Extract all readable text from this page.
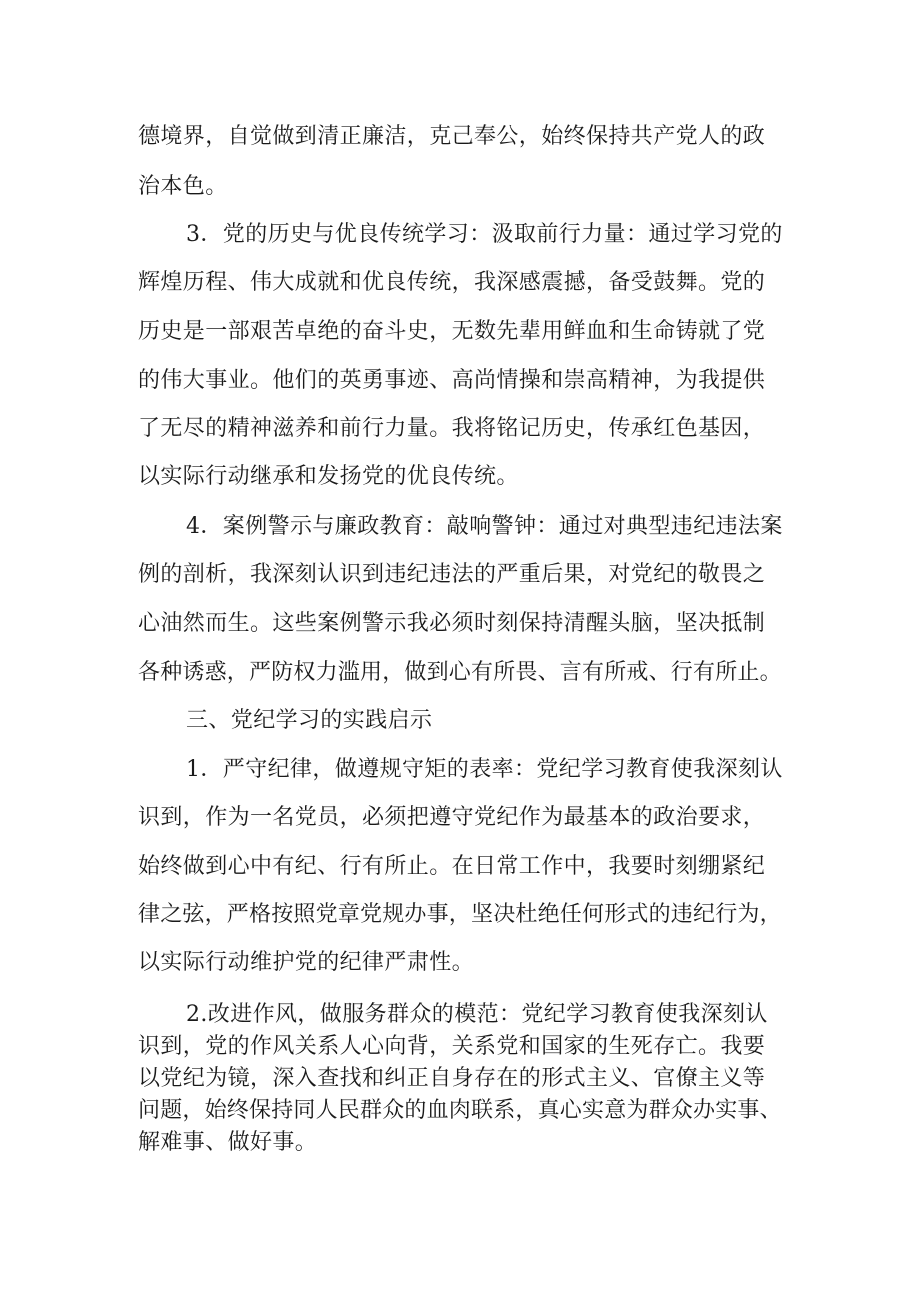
德境界，自觉做到清正廉洁，克己奉公，始终保持共产党人的政
治本色。
3．党的历史与优良传统学习：汲取前行力量：通过学习党的
辉煌历程、伟大成就和优良传统，我深感震撼，备受鼓舞。党的
历史是一部艰苦卓绝的奋斗史，无数先辈用鲜血和生命铸就了党
的伟大事业。他们的英勇事迹、高尚情操和崇高精神，为我提供
了无尽的精神滋养和前行力量。我将铭记历史，传承红色基因，
以实际行动继承和发扬党的优良传统。
4．案例警示与廉政教育：敲响警钟：通过对典型违纪违法案
例的剖析，我深刻认识到违纪违法的严重后果，对党纪的敬畏之
心油然而生。这些案例警示我必须时刻保持清醒头脑，坚决抵制
各种诱惑，严防权力滥用，做到心有所畏、言有所戒、行有所止。
三、党纪学习的实践启示
1．严守纪律，做遵规守矩的表率：党纪学习教育使我深刻认
识到，作为一名党员，必须把遵守党纪作为最基本的政治要求，
始终做到心中有纪、行有所止。在日常工作中，我要时刻绷紧纪
律之弦，严格按照党章党规办事，坚决杜绝任何形式的违纪行为，
以实际行动维护党的纪律严肃性。
2.改进作风，做服务群众的模范：党纪学习教育使我深刻认
识到，党的作风关系人心向背，关系党和国家的生死存亡。我要
以党纪为镜，深入查找和纠正自身存在的形式主义、官僚主义等
问题，始终保持同人民群众的血肉联系，真心实意为群众办实事、
解难事、做好事。
